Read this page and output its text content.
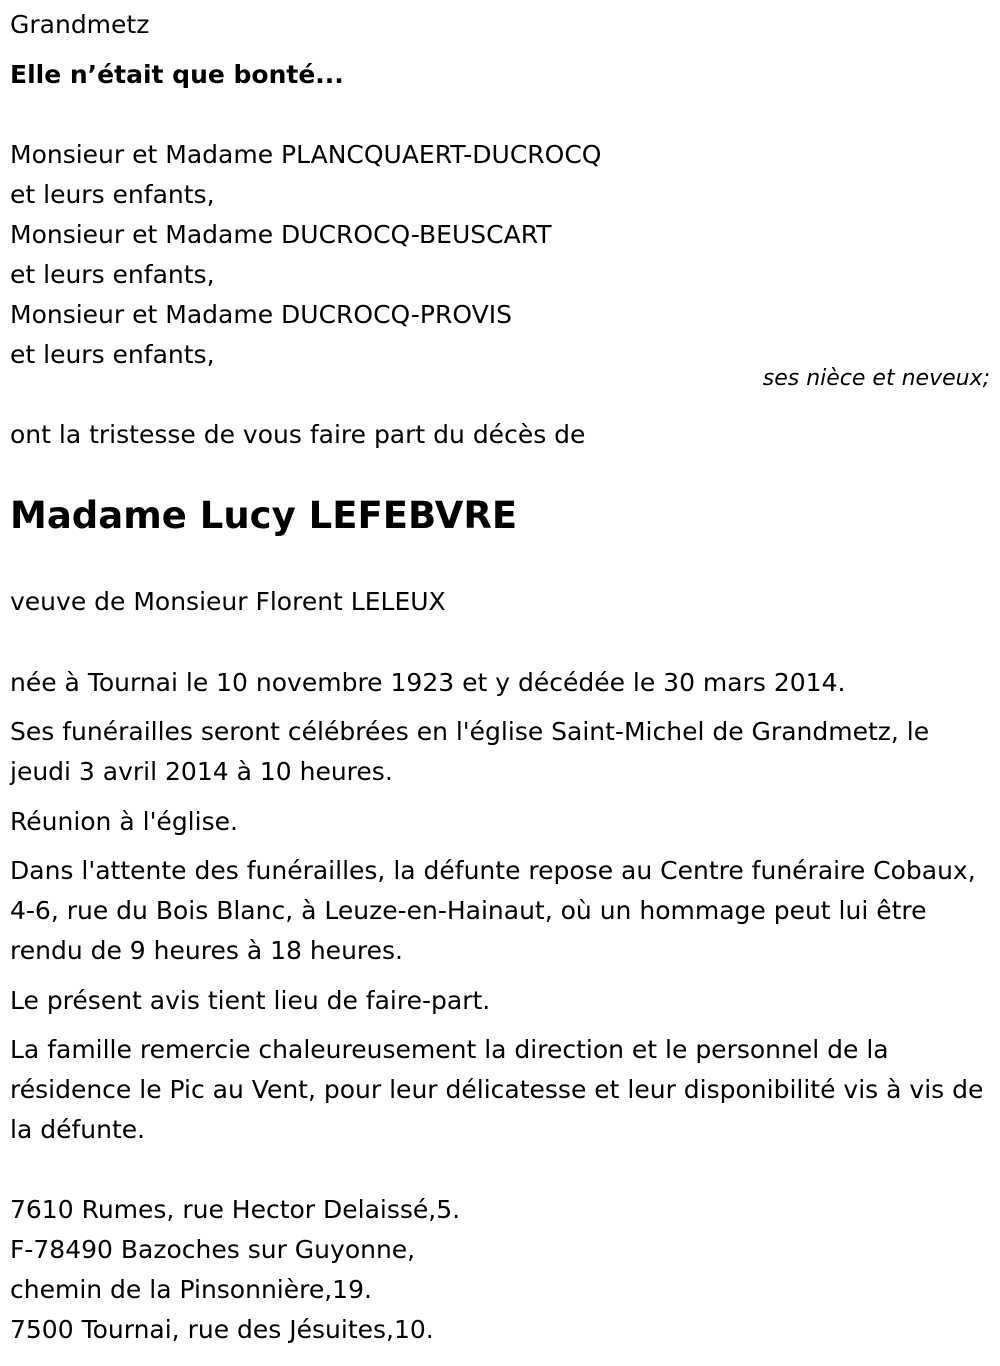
Grandmetz
Elle n’était que bonté...
Monsieur et Madame PLANCQUAERT-DUCROCQ
et leurs enfants,
Monsieur et Madame DUCROCQ-BEUSCART
et leurs enfants,
Monsieur et Madame DUCROCQ-PROVIS
et leurs enfants,
ses nièce et neveux;
ont la tristesse de vous faire part du décès de
Madame Lucy LEFEBVRE
veuve de Monsieur Florent LELEUX
née à Tournai le 10 novembre 1923 et y décédée le 30 mars 2014.
Ses funérailles seront célébrées en l'église Saint-Michel de Grandmetz, le jeudi 3 avril 2014 à 10 heures.
Réunion à l'église.
Dans l'attente des funérailles, la défunte repose au Centre funéraire Cobaux, 4-6, rue du Bois Blanc, à Leuze-en-Hainaut, où un hommage peut lui être rendu de 9 heures à 18 heures.
Le présent avis tient lieu de faire-part.
La famille remercie chaleureusement la direction et le personnel de la résidence le Pic au Vent, pour leur délicatesse et leur disponibilité vis à vis de la défunte.
7610 Rumes, rue Hector Delaissé,5.
F-78490 Bazoches sur Guyonne,
chemin de la Pinsonnière,19.
7500 Tournai, rue des Jésuites,10.
